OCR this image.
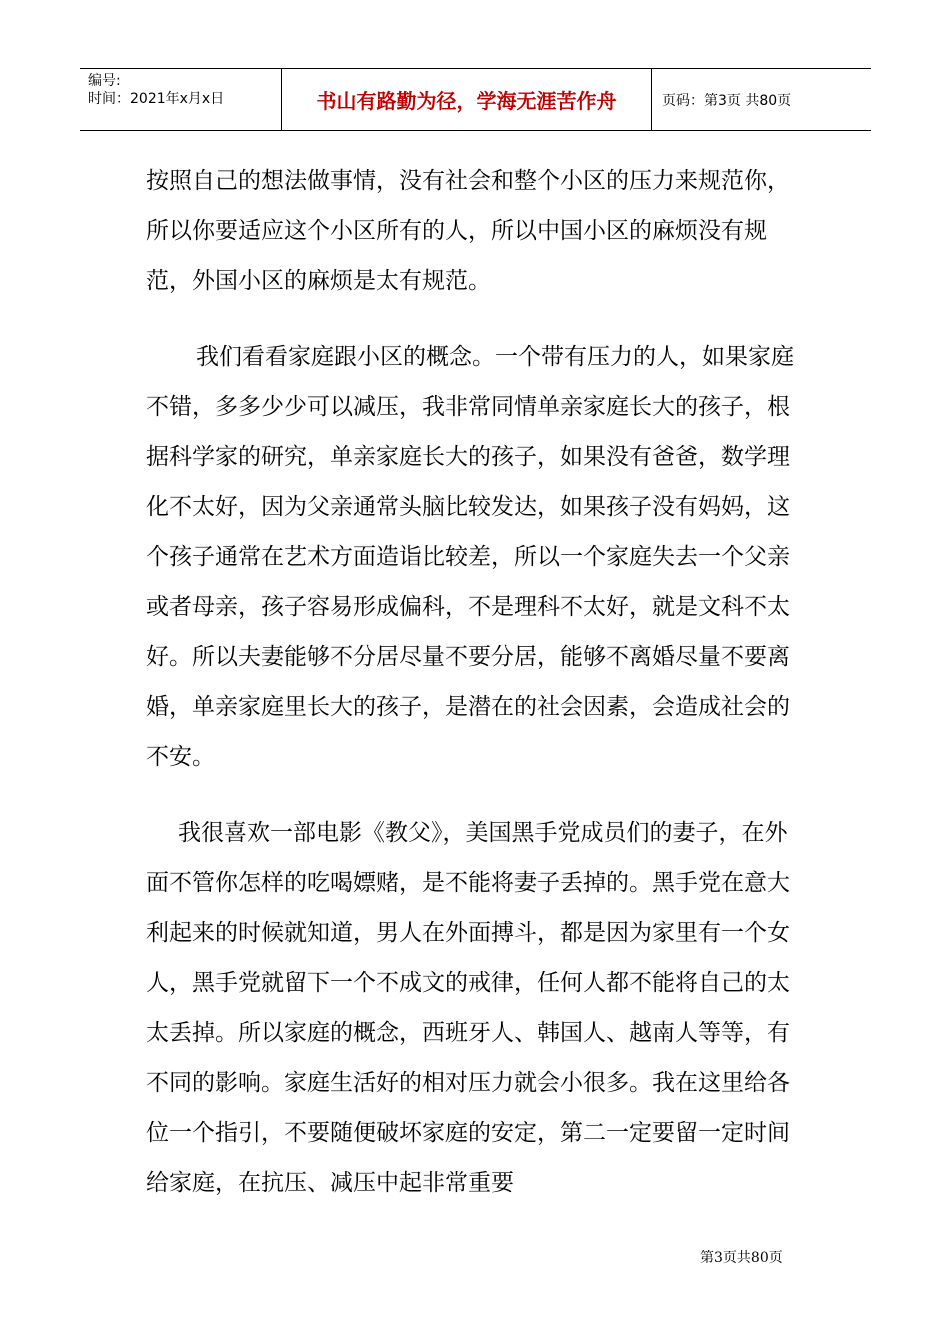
编号:
时间：2021年x月x日	书山有路勤为径，学海无涯苦作舟	页码：第3页 共80页

按照自己的想法做事情，没有社会和整个小区的压力来规范你，所以你要适应这个小区所有的人，所以中国小区的麻烦没有规范，外国小区的麻烦是太有规范。

我们看看家庭跟小区的概念。一个带有压力的人，如果家庭不错，多多少少可以减压，我非常同情单亲家庭长大的孩子，根据科学家的研究，单亲家庭长大的孩子，如果没有爸爸，数学理化不太好，因为父亲通常头脑比较发达，如果孩子没有妈妈，这个孩子通常在艺术方面造诣比较差，所以一个家庭失去一个父亲或者母亲，孩子容易形成偏科，不是理科不太好，就是文科不太好。所以夫妻能够不分居尽量不要分居，能够不离婚尽量不要离婚，单亲家庭里长大的孩子，是潜在的社会因素，会造成社会的不安。

我很喜欢一部电影《教父》，美国黑手党成员们的妻子，在外面不管你怎样的吃喝嫖赌，是不能将妻子丢掉的。黑手党在意大利起来的时候就知道，男人在外面搏斗，都是因为家里有一个女人，黑手党就留下一个不成文的戒律，任何人都不能将自己的太太丢掉。所以家庭的概念，西班牙人、韩国人、越南人等等，有不同的影响。家庭生活好的相对压力就会小很多。我在这里给各位一个指引，不要随便破坏家庭的安定，第二一定要留一定时间给家庭，在抗压、减压中起非常重要

第3页共80页
